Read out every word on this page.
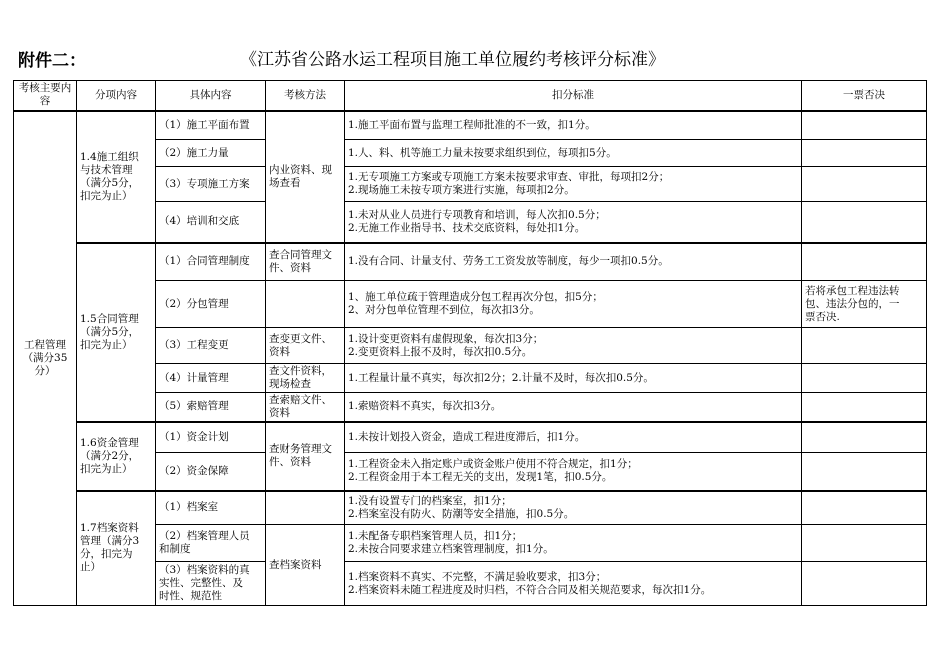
附件二：	《江苏省公路水运工程项目施工单位履约考核评分标准》
考核主要内容	分项内容	具体内容	考核方法	扣分标准	一票否决

工程管理
（满分35
分）	1.4施工组织
与技术管理
（满分5分，
扣完为止）	（1）施工平面布置	内业资料、现
场查看	1.施工平面布置与监理工程师批准的不一致，扣1分。	

		（2）施工力量		1.人、料、机等施工力量未按要求组织到位，每项扣5分。	

		（3）专项施工方案		1.无专项施工方案或专项施工方案未按要求审查、审批，每项扣2分；
2.现场施工未按专项方案进行实施，每项扣2分。	

		（4）培训和交底		1.未对从业人员进行专项教育和培训，每人次扣0.5分；
2.无施工作业指导书、技术交底资料，每处扣1分。	

	1.5合同管理
（满分5分，
扣完为止）	（1）合同管理制度	查合同管理文
件、资料	1.没有合同、计量支付、劳务工工资发放等制度，每少一项扣0.5分。	

		（2）分包管理		1、施工单位疏于管理造成分包工程再次分包，扣5分；
2、对分包单位管理不到位，每次扣3分。	若将承包工程违法转
包、违法分包的，一
票否决.

		（3）工程变更	查变更文件、
资料	1.设计变更资料有虚假现象，每次扣3分；
2.变更资料上报不及时，每次扣0.5分。	

		（4）计量管理	查文件资料，
现场检查	1.工程量计量不真实，每次扣2分；2.计量不及时，每次扣0.5分。	

		（5）索赔管理	查索赔文件、
资料	1.索赔资料不真实，每次扣3分。	

	1.6资金管理
（满分2分，
扣完为止）	（1）资金计划	查财务管理文
件、资料	1.未按计划投入资金，造成工程进度滞后，扣1分。	

		（2）资金保障		1.工程资金未入指定账户或资金账户使用不符合规定，扣1分；
2.工程资金用于本工程无关的支出，发现1笔，扣0.5分。	

	1.7档案资料
管理（满分3
分，扣完为
止）	（1）档案室		1.没有设置专门的档案室，扣1分；
2.档案室没有防火、防潮等安全措施，扣0.5分。	

		（2）档案管理人员
和制度	查档案资料	1.未配备专职档案管理人员，扣1分；
2.未按合同要求建立档案管理制度，扣1分。	

		（3）档案资料的真
实性、完整性、及
时性、规范性		1.档案资料不真实、不完整，不满足验收要求，扣3分；
2.档案资料未随工程进度及时归档，不符合合同及相关规范要求，每次扣1分。	
